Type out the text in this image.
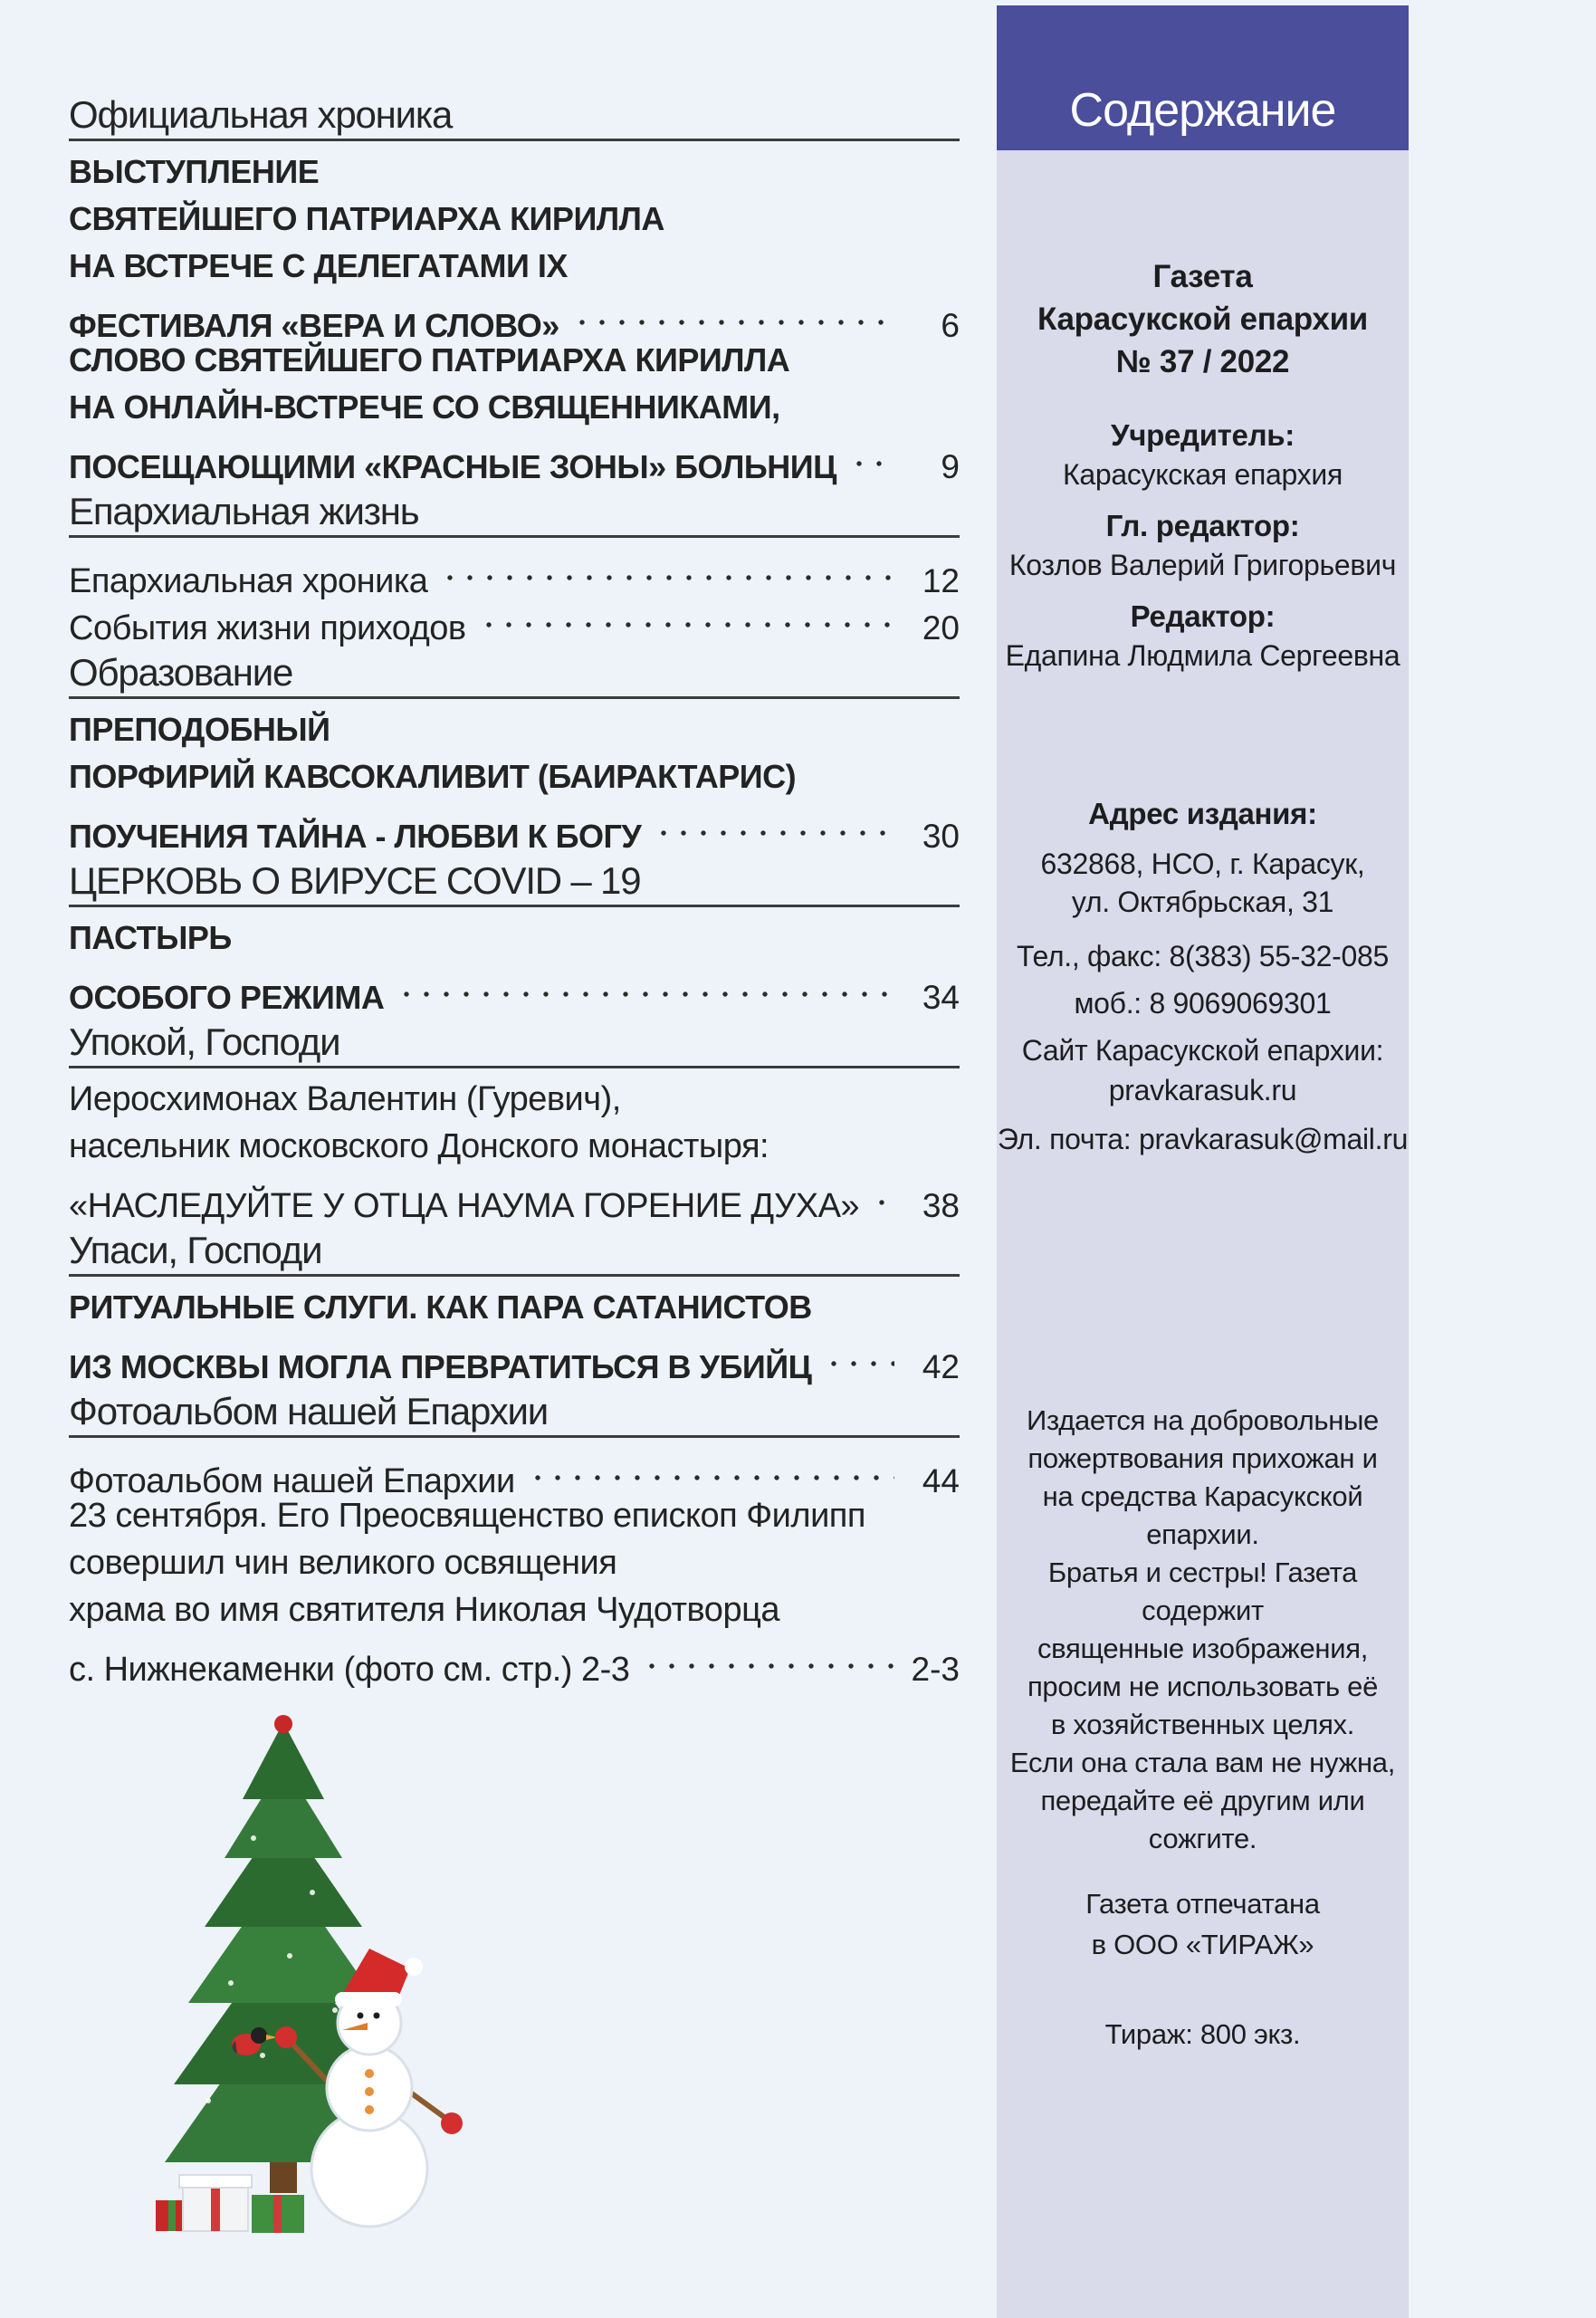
Официальная хроника
ВЫСТУПЛЕНИЕ
СВЯТЕЙШЕГО ПАТРИАРХА КИРИЛЛА
НА ВСТРЕЧЕ С ДЕЛЕГАТАМИ IX
ФЕСТИВАЛЯ «ВЕРА И СЛОВО»	6
СЛОВО СВЯТЕЙШЕГО ПАТРИАРХА КИРИЛЛА
НА ОНЛАЙН-ВСТРЕЧЕ СО СВЯЩЕННИКАМИ,
ПОСЕЩАЮЩИМИ «КРАСНЫЕ ЗОНЫ» БОЛЬНИЦ	9
Епархиальная жизнь
Епархиальная хроника	12
События жизни приходов	20
Образование
ПРЕПОДОБНЫЙ
ПОРФИРИЙ КАВСОКАЛИВИТ (БАИРАКТАРИС)
ПОУЧЕНИЯ ТАЙНА - ЛЮБВИ К БОГУ	30
ЦЕРКОВЬ О ВИРУСЕ COVID – 19
ПАСТЫРЬ
ОСОБОГО РЕЖИМА	34
Упокой, Господи
Иеросхимонах Валентин (Гуревич),
насельник московского Донского монастыря:
«НАСЛЕДУЙТЕ У ОТЦА НАУМА ГОРЕНИЕ ДУХА»	38
Упаси, Господи
РИТУАЛЬНЫЕ СЛУГИ. КАК ПАРА САТАНИСТОВ
ИЗ МОСКВЫ МОГЛА ПРЕВРАТИТЬСЯ В УБИЙЦ	42
Фотоальбом нашей Епархии
Фотоальбом нашей Епархии	44
23 сентября. Его Преосвященство епископ Филипп
совершил чин великого освящения
храма во имя святителя Николая Чудотворца
с. Нижнекаменки (фото см. стр.) 2-3	2-3
Содержание
Газета
Карасукской епархии
№ 37 / 2022
Учредитель:
Карасукская епархия
Гл. редактор:
Козлов Валерий Григорьевич
Редактор:
Едапина Людмила Сергеевна
Адрес издания:
632868, НСО, г. Карасук,
ул. Октябрьская, 31
Тел., факс: 8(383) 55-32-085
моб.: 8 9069069301
Сайт Карасукской епархии:
pravkarasuk.ru
Эл. почта: pravkarasuk@mail.ru
Издается на добровольные
пожертвования прихожан и
на средства Карасукской епархии.
Братья и сестры! Газета содержит
священные изображения,
просим не использовать её
в хозяйственных целях.
Если она стала вам не нужна,
передайте её другим или сожгите.
Газета отпечатана
в ООО «ТИРАЖ»
Тираж: 800 экз.
